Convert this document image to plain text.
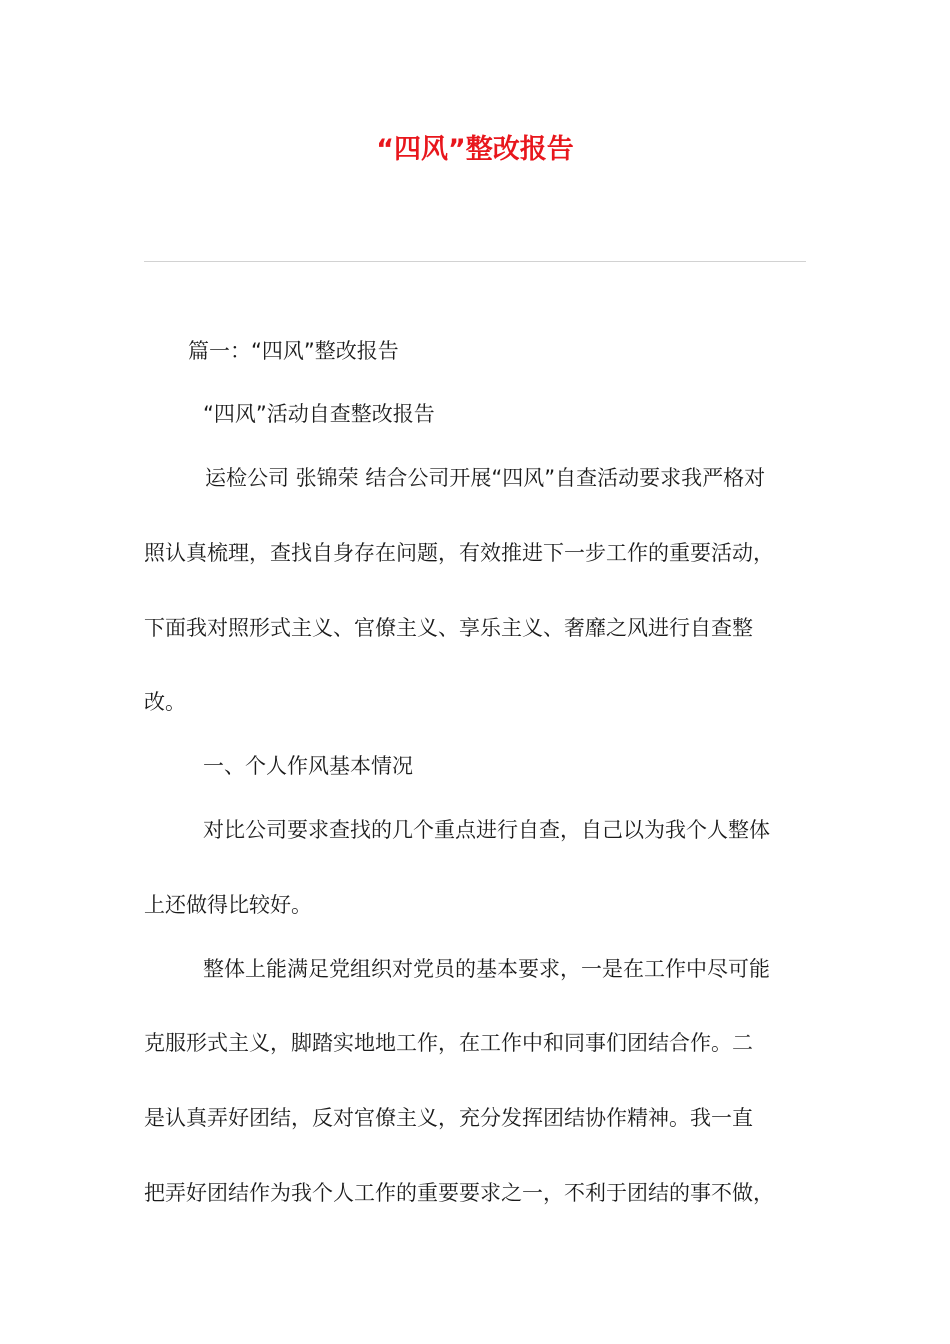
“四风”整改报告

篇一：“四风”整改报告

“四风”活动自查整改报告

运检公司 张锦荣 结合公司开展“四风”自查活动要求我严格对

照认真梳理，查找自身存在问题，有效推进下一步工作的重要活动，

下面我对照形式主义、官僚主义、享乐主义、奢靡之风进行自查整

改。

一、个人作风基本情况

对比公司要求查找的几个重点进行自查，自己以为我个人整体

上还做得比较好。

整体上能满足党组织对党员的基本要求，一是在工作中尽可能

克服形式主义，脚踏实地地工作，在工作中和同事们团结合作。二

是认真弄好团结，反对官僚主义，充分发挥团结协作精神。我一直

把弄好团结作为我个人工作的重要要求之一，不利于团结的事不做，
